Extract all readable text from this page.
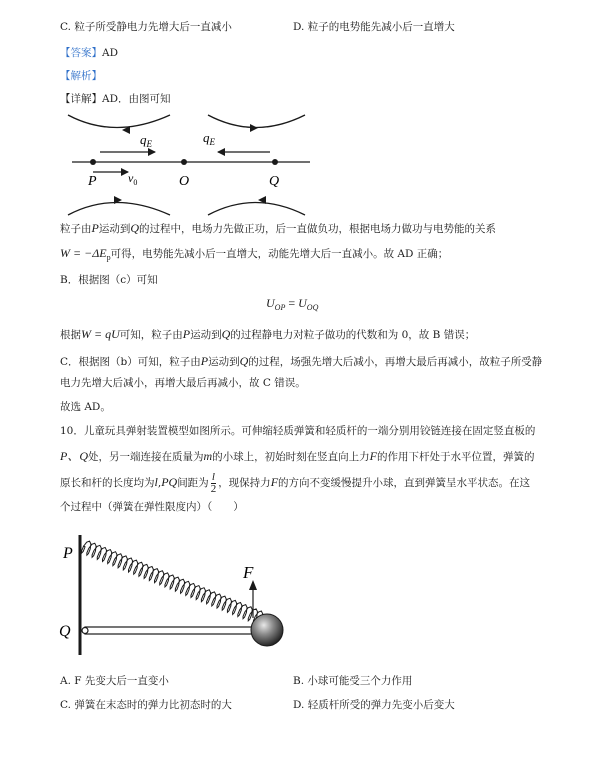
C. 粒子所受静电力先增大后一直减小	D. 粒子的电势能先减小后一直增大
【答案】AD
【解析】
【详解】AD．由图可知
$q_E$	$q_E$
P	$v_0$	O	Q
粒子由P运动到Q的过程中，电场力先做正功，后一直做负功，根据电场力做功与电势能的关系
$W = -\Delta E_p$可得，电势能先减小后一直增大，动能先增大后一直减小。故 AD 正确；
B．根据图（c）可知
$U_{OP} = U_{OQ}$
根据W = qU可知，粒子由P运动到Q的过程静电力对粒子做功的代数和为 0，故 B 错误；
C．根据图（b）可知，粒子由P运动到Q的过程，场强先增大后减小，再增大最后再减小，故粒子所受静
电力先增大后减小，再增大最后再减小，故 C 错误。
故选 AD。
10．儿童玩具弹射装置模型如图所示。可伸缩轻质弹簧和轻质杆的一端分别用铰链连接在固定竖直板的
P、Q处，另一端连接在质量为m的小球上，初始时刻在竖直向上力F的作用下杆处于水平位置，弹簧的
原长和杆的长度均为l,PQ间距为 $\frac{l}{2}$ ，现保持力F的方向不变缓慢提升小球，直到弹簧呈水平状态。在这
个过程中（弹簧在弹性限度内）（　　）
P
Q
F
A. F 先变大后一直变小	B. 小球可能受三个力作用
C. 弹簧在末态时的弹力比初态时的大	D. 轻质杆所受的弹力先变小后变大
